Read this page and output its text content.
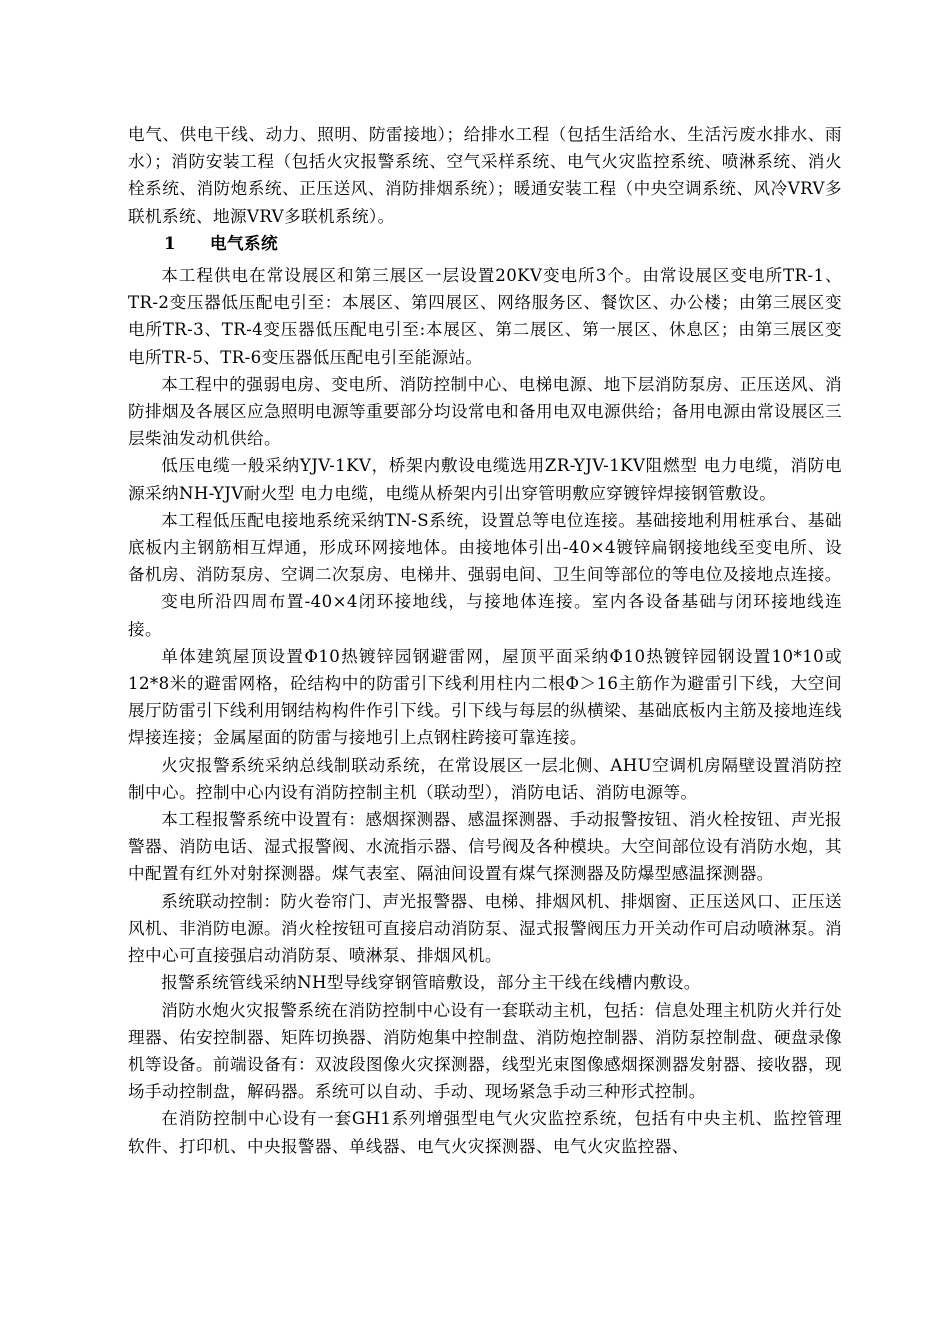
电气、供电干线、动力、照明、防雷接地）；给排水工程（包括生活给水、生活污废水排水、雨水）；消防安装工程（包括火灾报警系统、空气采样系统、电气火灾监控系统、喷淋系统、消火栓系统、消防炮系统、正压送风、消防排烟系统）；暖通安装工程（中央空调系统、风冷VRV多联机系统、地源VRV多联机系统）。

1 电气系统

本工程供电在常设展区和第三展区一层设置20KV变电所3个。由常设展区变电所TR-1、TR-2变压器低压配电引至：本展区、第四展区、网络服务区、餐饮区、办公楼；由第三展区变电所TR-3、TR-4变压器低压配电引至:本展区、第二展区、第一展区、休息区；由第三展区变电所TR-5、TR-6变压器低压配电引至能源站。

本工程中的强弱电房、变电所、消防控制中心、电梯电源、地下层消防泵房、正压送风、消防排烟及各展区应急照明电源等重要部分均设常电和备用电双电源供给；备用电源由常设展区三层柴油发动机供给。

低压电缆一般采纳YJV-1KV，桥架内敷设电缆选用ZR-YJV-1KV阻燃型 电力电缆，消防电源采纳NH-YJV耐火型 电力电缆，电缆从桥架内引出穿管明敷应穿镀锌焊接钢管敷设。

本工程低压配电接地系统采纳TN-S系统，设置总等电位连接。基础接地利用桩承台、基础底板内主钢筋相互焊通，形成环网接地体。由接地体引出-40×4镀锌扁钢接地线至变电所、设备机房、消防泵房、空调二次泵房、电梯井、强弱电间、卫生间等部位的等电位及接地点连接。

变电所沿四周布置-40×4闭环接地线，与接地体连接。室内各设备基础与闭环接地线连接。

单体建筑屋顶设置Φ10热镀锌园钢避雷网，屋顶平面采纳Φ10热镀锌园钢设置10*10或12*8米的避雷网格，砼结构中的防雷引下线利用柱内二根Φ＞16主筋作为避雷引下线，大空间展厅防雷引下线利用钢结构构件作引下线。引下线与每层的纵横梁、基础底板内主筋及接地连线焊接连接；金属屋面的防雷与接地引上点钢柱跨接可靠连接。

火灾报警系统采纳总线制联动系统，在常设展区一层北侧、AHU空调机房隔壁设置消防控制中心。控制中心内设有消防控制主机（联动型），消防电话、消防电源等。

本工程报警系统中设置有：感烟探测器、感温探测器、手动报警按钮、消火栓按钮、声光报警器、消防电话、湿式报警阀、水流指示器、信号阀及各种模块。大空间部位设有消防水炮，其中配置有红外对射探测器。煤气表室、隔油间设置有煤气探测器及防爆型感温探测器。

系统联动控制：防火卷帘门、声光报警器、电梯、排烟风机、排烟窗、正压送风口、正压送风机、非消防电源。消火栓按钮可直接启动消防泵、湿式报警阀压力开关动作可启动喷淋泵。消控中心可直接强启动消防泵、喷淋泵、排烟风机。

报警系统管线采纳NH型导线穿钢管暗敷设，部分主干线在线槽内敷设。

消防水炮火灾报警系统在消防控制中心设有一套联动主机，包括：信息处理主机防火并行处理器、佑安控制器、矩阵切换器、消防炮集中控制盘、消防炮控制器、消防泵控制盘、硬盘录像机等设备。前端设备有：双波段图像火灾探测器，线型光束图像感烟探测器发射器、接收器，现场手动控制盘，解码器。系统可以自动、手动、现场紧急手动三种形式控制。

在消防控制中心设有一套GH1系列增强型电气火灾监控系统，包括有中央主机、监控管理软件、打印机、中央报警器、单线器、电气火灾探测器、电气火灾监控器、
